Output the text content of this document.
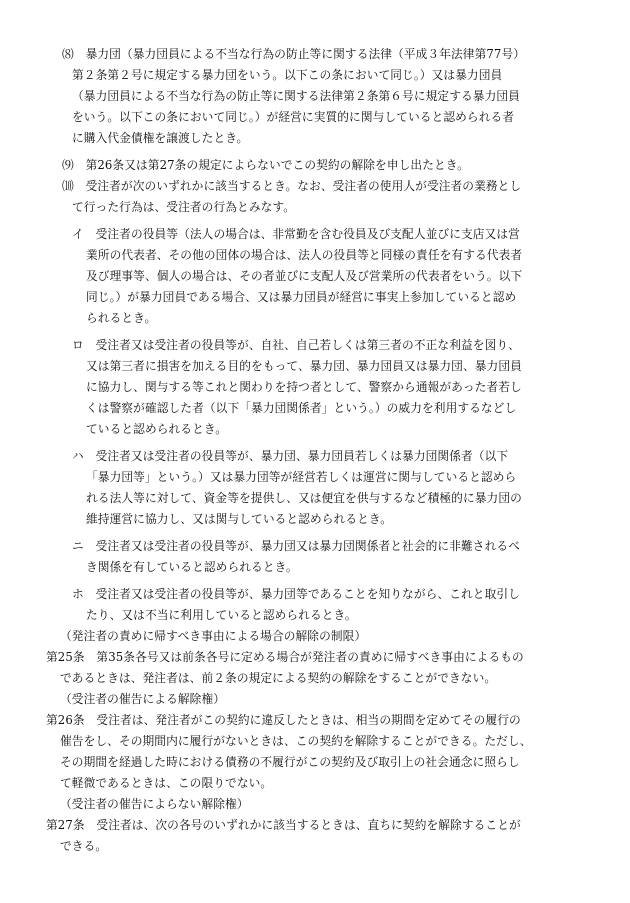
⑻　暴力団（暴力団員による不当な行為の防止等に関する法律（平成３年法律第77号）
第２条第２号に規定する暴力団をいう。以下この条において同じ。）又は暴力団員
（暴力団員による不当な行為の防止等に関する法律第２条第６号に規定する暴力団員
をいう。以下この条において同じ。）が経営に実質的に関与していると認められる者
に購入代金債権を譲渡したとき。
⑼　第26条又は第27条の規定によらないでこの契約の解除を申し出たとき。
⑽　受注者が次のいずれかに該当するとき。なお、受注者の使用人が受注者の業務とし
て行った行為は、受注者の行為とみなす。
イ　受注者の役員等（法人の場合は、非常勤を含む役員及び支配人並びに支店又は営
業所の代表者、その他の団体の場合は、法人の役員等と同様の責任を有する代表者
及び理事等、個人の場合は、その者並びに支配人及び営業所の代表者をいう。以下
同じ。）が暴力団員である場合、又は暴力団員が経営に事実上参加していると認め
られるとき。
ロ　受注者又は受注者の役員等が、自社、自己若しくは第三者の不正な利益を図り、
又は第三者に損害を加える目的をもって、暴力団、暴力団員又は暴力団、暴力団員
に協力し、関与する等これと関わりを持つ者として、警察から通報があった者若し
くは警察が確認した者（以下「暴力団関係者」という。）の威力を利用するなどし
ていると認められるとき。
ハ　受注者又は受注者の役員等が、暴力団、暴力団員若しくは暴力団関係者（以下
「暴力団等」という。）又は暴力団等が経営若しくは運営に関与していると認めら
れる法人等に対して、資金等を提供し、又は便宜を供与するなど積極的に暴力団の
維持運営に協力し、又は関与していると認められるとき。
ニ　受注者又は受注者の役員等が、暴力団又は暴力団関係者と社会的に非難されるべ
き関係を有していると認められるとき。
ホ　受注者又は受注者の役員等が、暴力団等であることを知りながら、これと取引し
たり、又は不当に利用していると認められるとき。
（発注者の責めに帰すべき事由による場合の解除の制限）
第25条　第35条各号又は前条各号に定める場合が発注者の責めに帰すべき事由によるもの
であるときは、発注者は、前２条の規定による契約の解除をすることができない。
（受注者の催告による解除権）
第26条　受注者は、発注者がこの契約に違反したときは、相当の期間を定めてその履行の
催告をし、その期間内に履行がないときは、この契約を解除することができる。ただし、
その期間を経過した時における債務の不履行がこの契約及び取引上の社会通念に照らし
て軽微であるときは、この限りでない。
（受注者の催告によらない解除権）
第27条　受注者は、次の各号のいずれかに該当するときは、直ちに契約を解除することが
できる。
